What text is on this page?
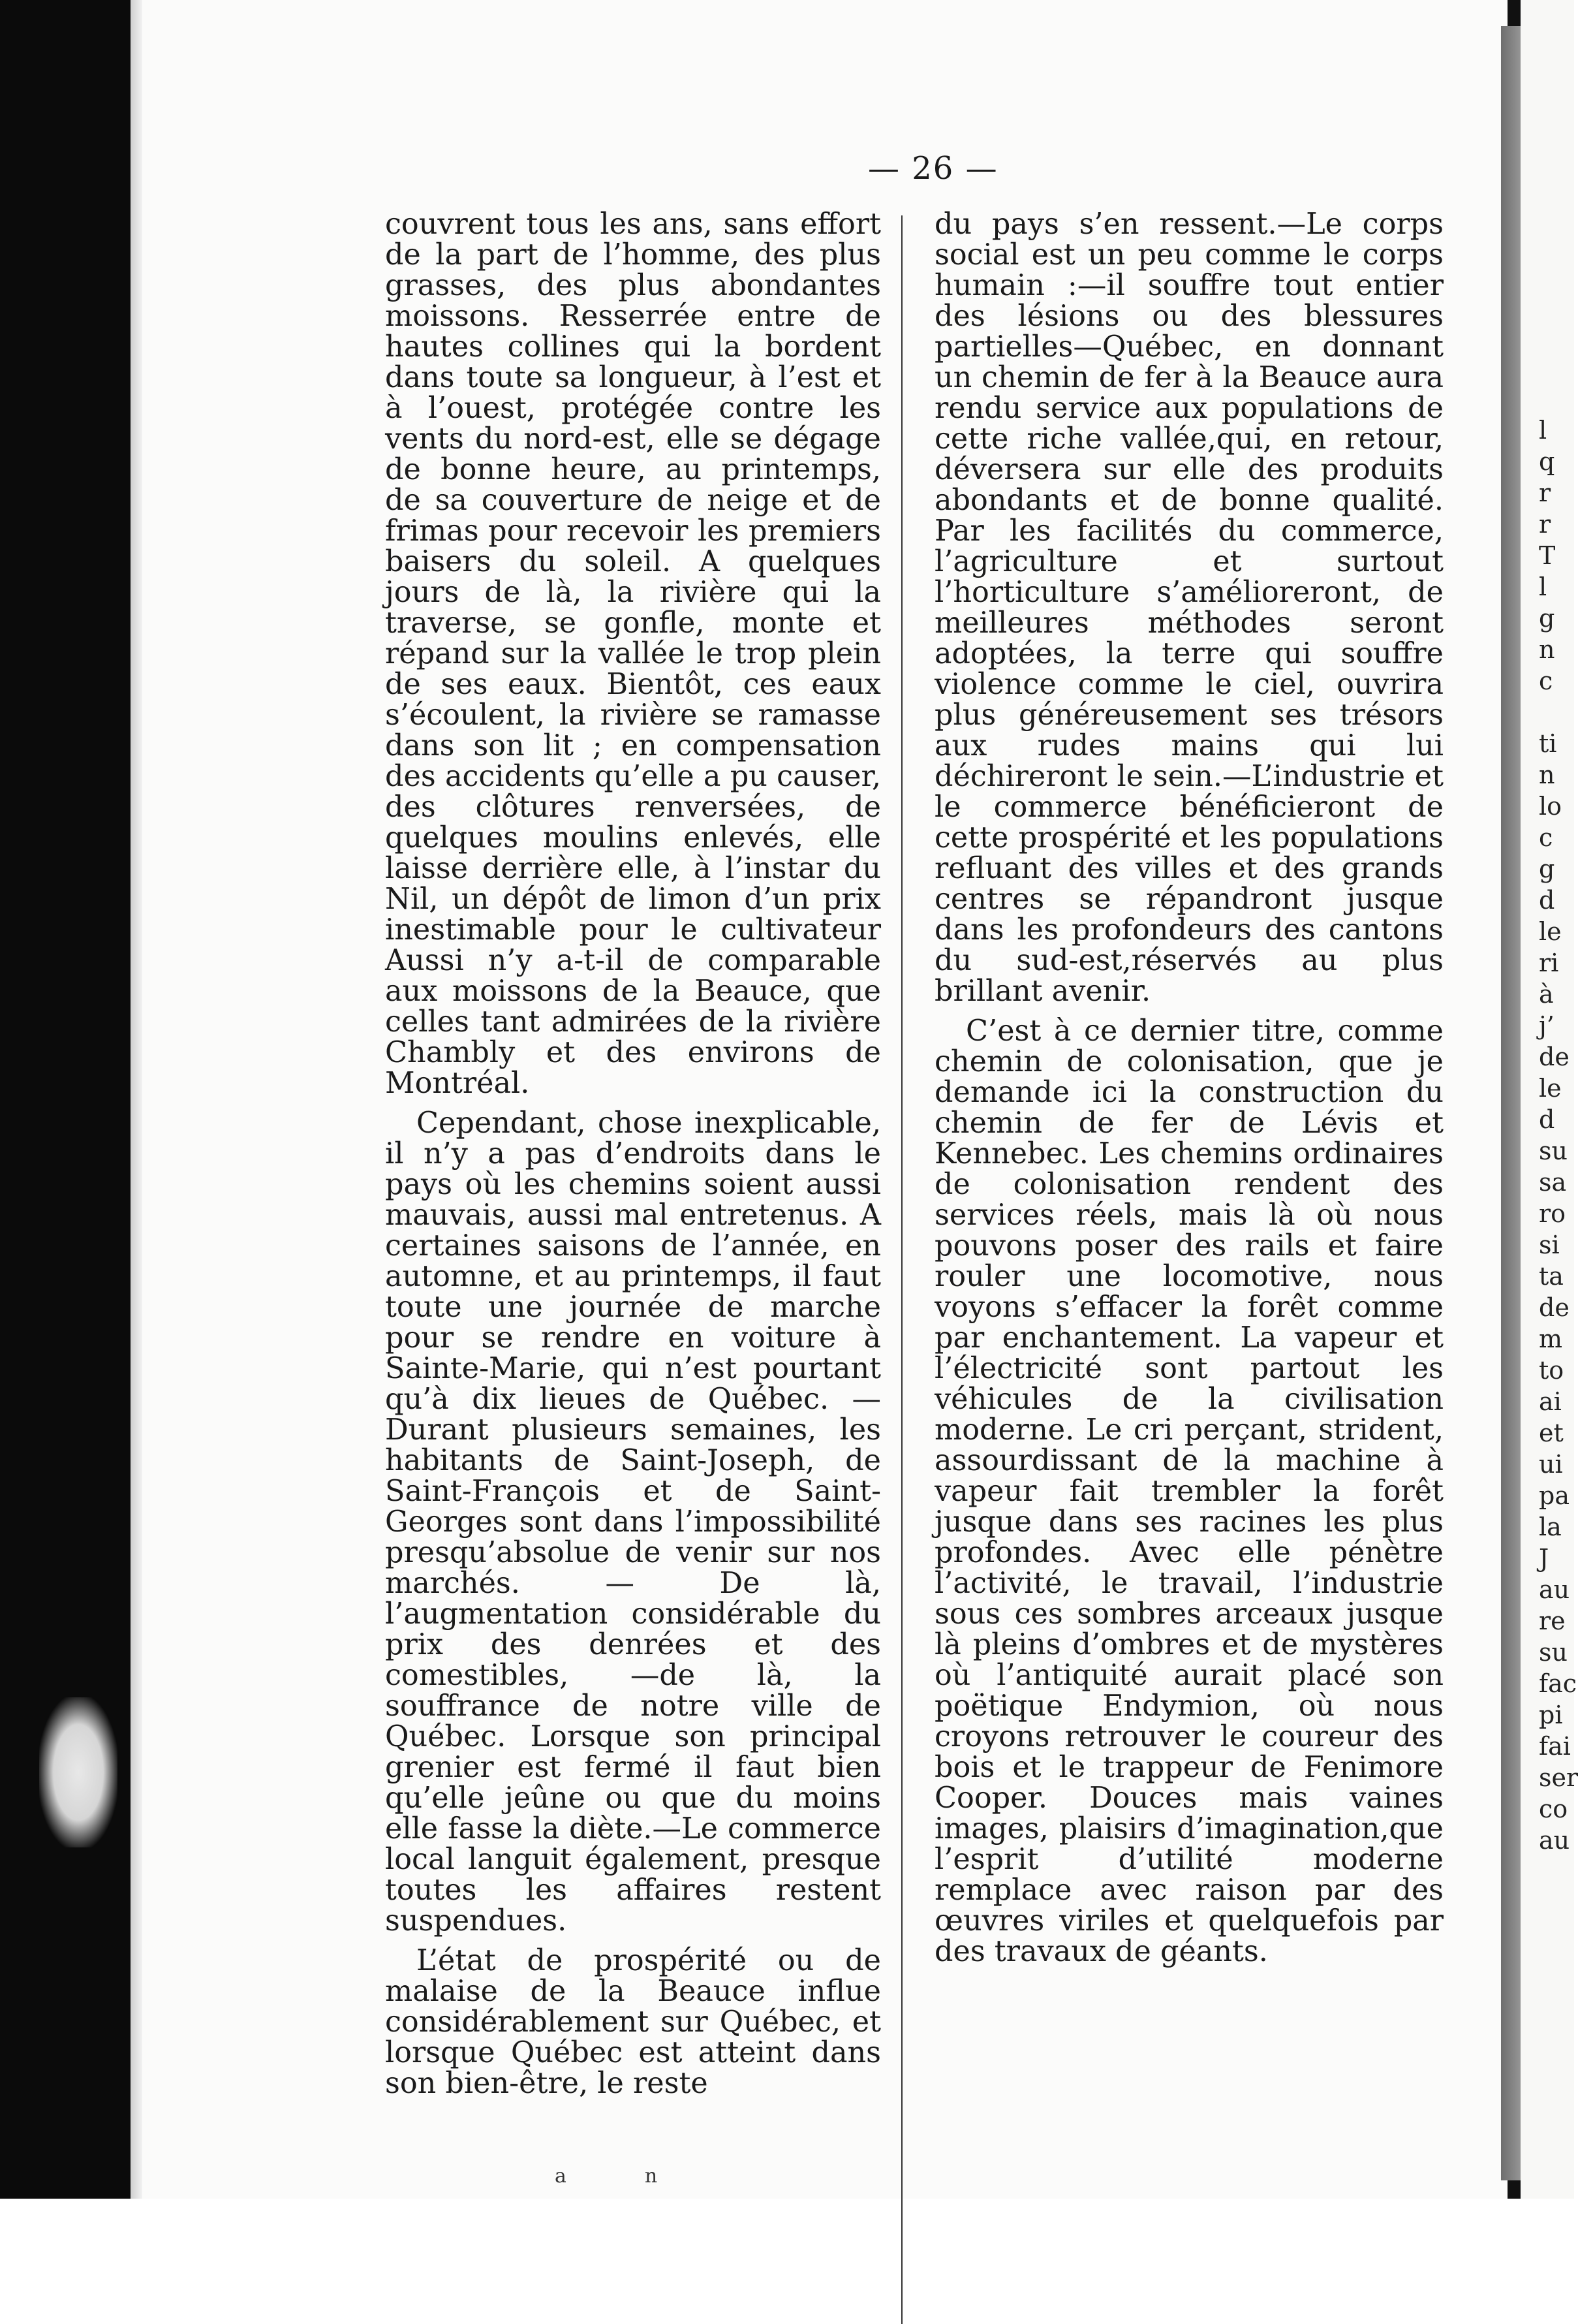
l
q
r
r
T
l
g
n
c
ti
n
lo
c
g
d
le
ri
à
j’
de
le
d
su
sa
ro
si
ta
de
m
to
ai
et
ui
pa
la
J
au
re
su
fac
pi
fai
ser
co
au
— 26 —

couvrent tous les ans, sans effort de la part de l’homme, des plus grasses, des plus abondantes moissons. Resserrée entre de hautes collines qui la bordent dans toute sa longueur, à l’est et à l’ouest, protégée contre les vents du nord-est, elle se dégage de bonne heure, au printemps, de sa couverture de neige et de frimas pour recevoir les premiers baisers du soleil. A quelques jours de là, la rivière qui la traverse, se gonfle, monte et répand sur la vallée le trop plein de ses eaux. Bientôt, ces eaux s’écoulent, la rivière se ramasse dans son lit ; en compensation des accidents qu’elle a pu causer, des clôtures renversées, de quelques moulins enlevés, elle laisse derrière elle, à l’instar du Nil, un dépôt de limon d’un prix inestimable pour le cultivateur Aussi n’y a-t-il de comparable aux moissons de la Beauce, que celles tant admirées de la rivière Chambly et des environs de Montréal.

Cependant, chose inexplicable, il n’y a pas d’endroits dans le pays où les chemins soient aussi mauvais, aussi mal entretenus. A certaines saisons de l’année, en automne, et au printemps, il faut toute une journée de marche pour se rendre en voiture à Sainte-Marie, qui n’est pourtant qu’à dix lieues de Québec. —Durant plusieurs semaines, les habitants de Saint-Joseph, de Saint-François et de Saint-Georges sont dans l’impossibilité presqu’absolue de venir sur nos marchés. — De là, l’augmentation considérable du prix des denrées et des comestibles, —de là, la souffrance de notre ville de Québec. Lorsque son principal grenier est fermé il faut bien qu’elle jeûne ou que du moins elle fasse la diète.—Le commerce local languit également, presque toutes les affaires restent suspendues.

L’état de prospérité ou de malaise de la Beauce influe considérablement sur Québec, et lorsque Québec est atteint dans son bien-être, le reste

du pays s’en ressent.—Le corps social est un peu comme le corps humain :—il souffre tout entier des lésions ou des blessures partielles—Québec, en donnant un chemin de fer à la Beauce aura rendu service aux populations de cette riche vallée,qui, en retour, déversera sur elle des produits abondants et de bonne qualité. Par les facilités du commerce, l’agriculture et surtout l’horticulture s’amélioreront, de meilleures méthodes seront adoptées, la terre qui souffre violence comme le ciel, ouvrira plus généreusement ses trésors aux rudes mains qui lui déchireront le sein.—L’industrie et le commerce bénéficieront de cette prospérité et les populations refluant des villes et des grands centres se répandront jusque dans les profondeurs des cantons du sud-est,réservés au plus brillant avenir.

C’est à ce dernier titre, comme chemin de colonisation, que je demande ici la construction du chemin de fer de Lévis et Kennebec. Les chemins ordinaires de colonisation rendent des services réels, mais là où nous pouvons poser des rails et faire rouler une locomotive, nous voyons s’effacer la forêt comme par enchantement. La vapeur et l’électricité sont partout les véhicules de la civilisation moderne. Le cri perçant, strident, assourdissant de la machine à vapeur fait trembler la forêt jusque dans ses racines les plus profondes. Avec elle pénètre l’activité, le travail, l’industrie sous ces sombres arceaux jusque là pleins d’ombres et de mystères où l’antiquité aurait placé son poëtique Endymion, où nous croyons retrouver le coureur des bois et le trappeur de Fenimore Cooper. Douces mais vaines images, plaisirs d’imagination,que l’esprit d’utilité moderne remplace avec raison par des œuvres viriles et quelquefois par des travaux de géants.

an
